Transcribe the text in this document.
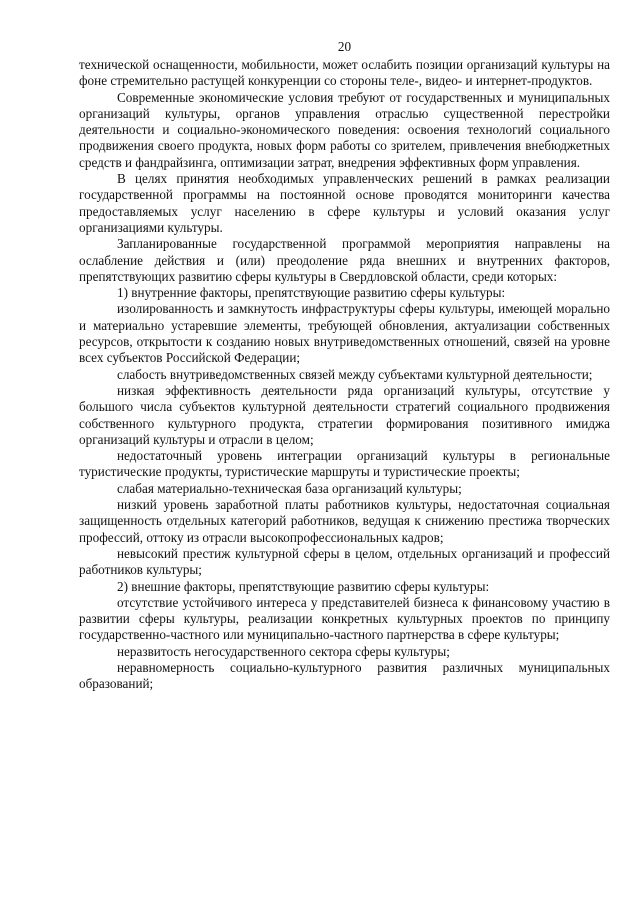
20

технической оснащенности, мобильности, может ослабить позиции организаций культуры на фоне стремительно растущей конкуренции со стороны теле-, видео- и интернет-продуктов.

Современные экономические условия требуют от государственных и муниципальных организаций культуры, органов управления отраслью существенной перестройки деятельности и социально-экономического поведения: освоения технологий социального продвижения своего продукта, новых форм работы со зрителем, привлечения внебюджетных средств и фандрайзинга, оптимизации затрат, внедрения эффективных форм управления.

В целях принятия необходимых управленческих решений в рамках реализации государственной программы на постоянной основе проводятся мониторинги качества предоставляемых услуг населению в сфере культуры и условий оказания услуг организациями культуры.

Запланированные государственной программой мероприятия направлены на ослабление действия и (или) преодоление ряда внешних и внутренних факторов, препятствующих развитию сферы культуры в Свердловской области, среди которых:

1) внутренние факторы, препятствующие развитию сферы культуры:

изолированность и замкнутость инфраструктуры сферы культуры, имеющей морально и материально устаревшие элементы, требующей обновления, актуализации собственных ресурсов, открытости к созданию новых внутриведомственных отношений, связей на уровне всех субъектов Российской Федерации;

слабость внутриведомственных связей между субъектами культурной деятельности;

низкая эффективность деятельности ряда организаций культуры, отсутствие у большого числа субъектов культурной деятельности стратегий социального продвижения собственного культурного продукта, стратегии формирования позитивного имиджа организаций культуры и отрасли в целом;

недостаточный уровень интеграции организаций культуры в региональные туристические продукты, туристические маршруты и туристические проекты;

слабая материально-техническая база организаций культуры;

низкий уровень заработной платы работников культуры, недостаточная социальная защищенность отдельных категорий работников, ведущая к снижению престижа творческих профессий, оттоку из отрасли высокопрофессиональных кадров;

невысокий престиж культурной сферы в целом, отдельных организаций и профессий работников культуры;

2) внешние факторы, препятствующие развитию сферы культуры:

отсутствие устойчивого интереса у представителей бизнеса к финансовому участию в развитии сферы культуры, реализации конкретных культурных проектов по принципу государственно-частного или муниципально-частного партнерства в сфере культуры;

неразвитость негосударственного сектора сферы культуры;

неравномерность социально-культурного развития различных муниципальных образований;
